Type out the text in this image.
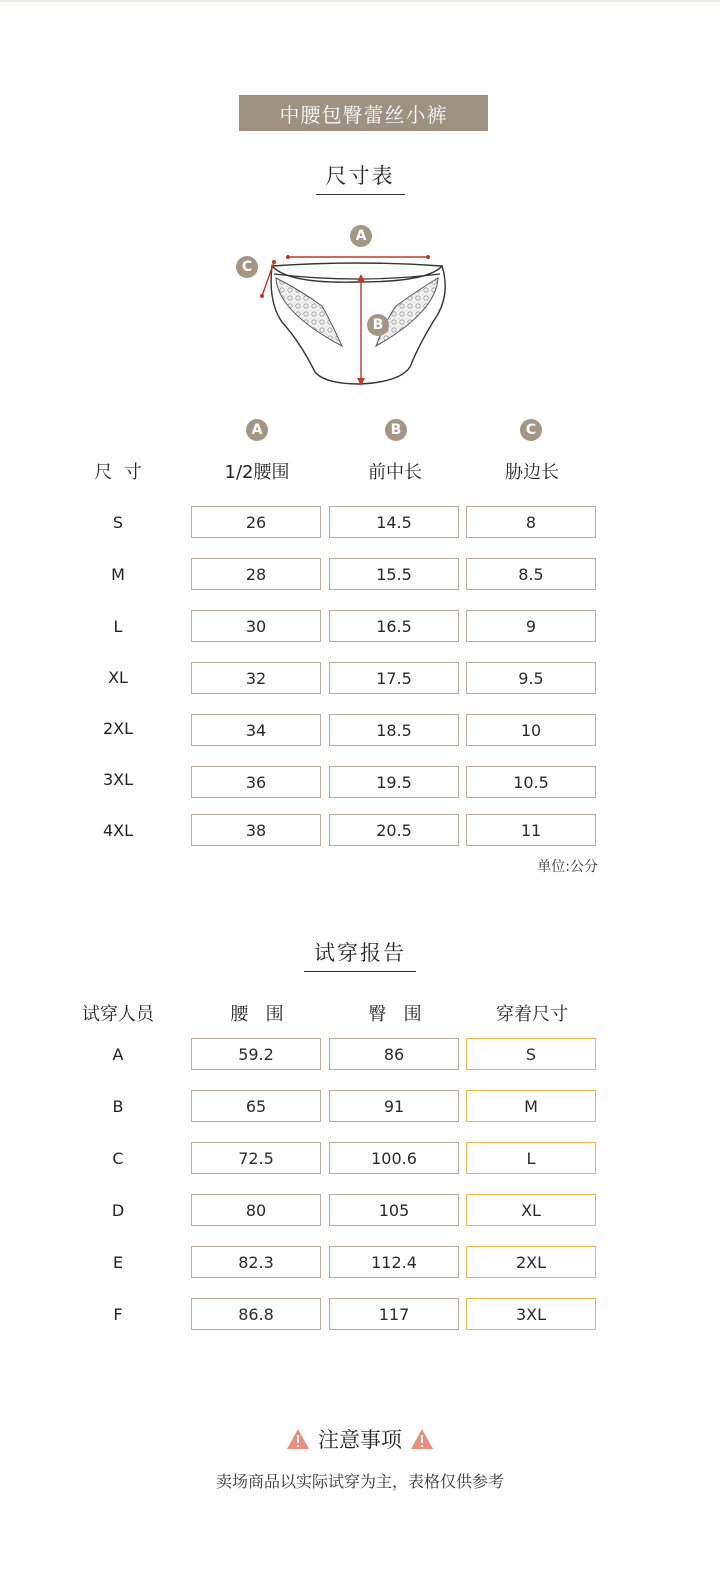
中腰包臀蕾丝小裤
尺寸表
A
B
C
A	B	C
尺  寸	1/2腰围	前中长	胁边长
S	26	14.5	8
M	28	15.5	8.5
L	30	16.5	9
XL	32	17.5	9.5
2XL	34	18.5	10
3XL	36	19.5	10.5
4XL	38	20.5	11
单位:公分
试穿报告
试穿人员	腰   围	臀   围	穿着尺寸
A	59.2	86	S
B	65	91	M
C	72.5	100.6	L
D	80	105	XL
E	82.3	112.4	2XL
F	86.8	117	3XL
注意事项
卖场商品以实际试穿为主，表格仅供参考
